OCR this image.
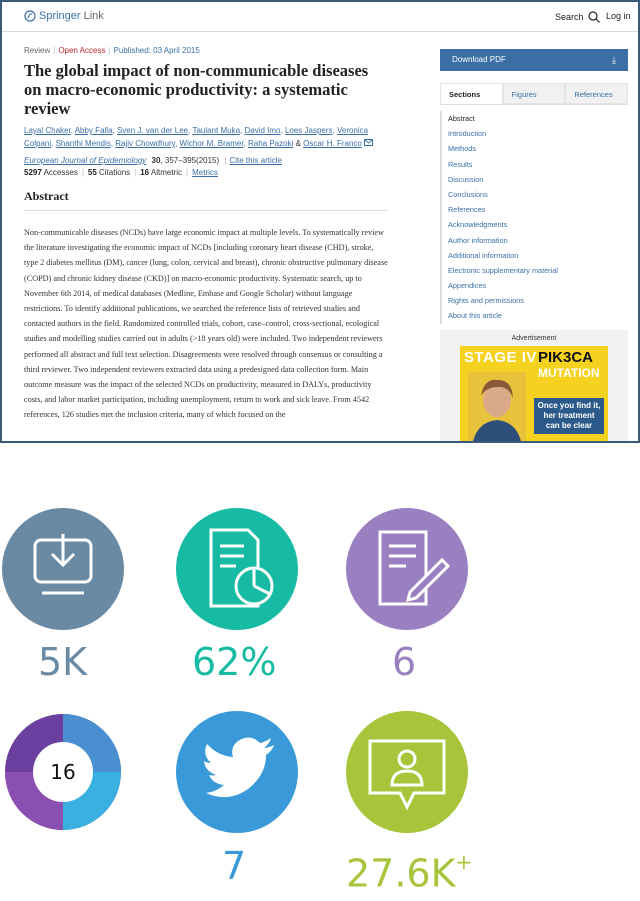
Springer Link	Search Log in
Review | Open Access | Published: 03 April 2015
The global impact of non-communicable diseases on macro-economic productivity: a systematic review
Layal Chaker, Abby Falla, Sven J. van der Lee, Taulant Muka, David Imo, Loes Jaspers, Veronica Colpani, Shanthi Mendis, Rajiv Chowdhury, Wichor M. Bramer, Raha Pazoki & Oscar H. Franco
European Journal of Epidemiology 30, 357–395(2015) | Cite this article
5297 Accesses | 55 Citations | 16 Altmetric | Metrics
Abstract

Non-communicable diseases (NCDs) have large economic impact at multiple levels. To systematically review the literature investigating the economic impact of NCDs [including coronary heart disease (CHD), stroke, type 2 diabetes mellitus (DM), cancer (lung, colon, cervical and breast), chronic obstructive pulmonary disease (COPD) and chronic kidney disease (CKD)] on macro-economic productivity. Systematic search, up to November 6th 2014, of medical databases (Medline, Embase and Google Scholar) without language restrictions. To identify additional publications, we searched the reference lists of retrieved studies and contacted authors in the field. Randomized controlled trials, cohort, case–control, cross-sectional, ecological studies and modelling studies carried out in adults (>18 years old) were included. Two independent reviewers performed all abstract and full text selection. Disagreements were resolved through consensus or consulting a third reviewer. Two independent reviewers extracted data using a predesigned data collection form. Main outcome measure was the impact of the selected NCDs on productivity, measured in DALYs, productivity costs, and labor market participation, including unemployment, return to work and sick leave. From 4542 references, 126 studies met the inclusion criteria, many of which focused on the

Download PDF	⤓
Sections	Figures	References
Abstract
Introduction
Methods
Results
Discussion
Conclusions
References
Acknowledgments
Author information
Additional information
Electronic supplementary material
Appendices
Rights and permissions
About this article
Advertisement
STAGE IV PIK3CA
MUTATION
Once you find it, her treatment can be clear
5K	62%	6
16
7	27.6K+
